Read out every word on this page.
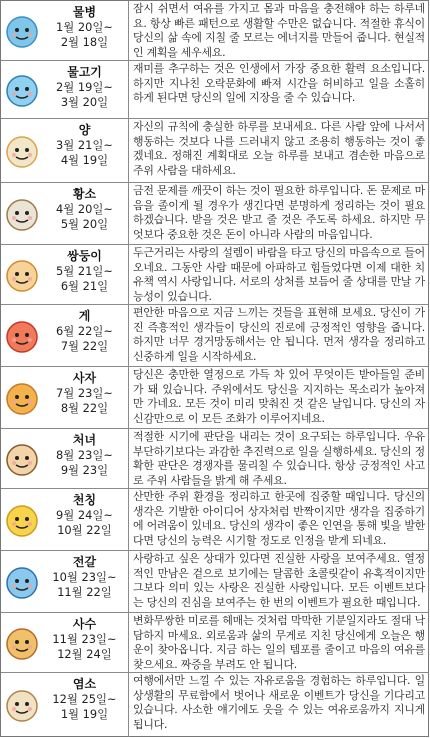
물병
1월 20일~
2월 18일
잠시 쉬면서 여유를 가지고 몸과 마음을 충전해야 하는 하루네요. 항상 빠른 패턴으로 생활할 수만은 없습니다. 적절한 휴식이 당신의 삶 속에 지칠 줄 모르는 에너지를 만들어 줍니다. 현실적인 계획을 세우세요.
물고기
2월 19일~
3월 20일
재미를 추구하는 것은 인생에서 가장 중요한 활력 요소입니다. 하지만 지나친 오락문화에 빠져 시간을 허비하고 일을 소홀히 하게 된다면 당신의 일에 지장을 줄 수 있습니다.
양
3월 21일~
4월 19일
자신의 규칙에 충실한 하루를 보내세요. 다른 사람 앞에 나서서 행동하는 것보다 나를 드러내지 않고 조용히 행동하는 것이 좋겠네요. 정해진 계획대로 오늘 하루를 보내고 겸손한 마음으로 주위 사람을 대하세요.
황소
4월 20일~
5월 20일
금전 문제를 깨끗이 하는 것이 필요한 하루입니다. 돈 문제로 마음을 졸이게 될 경우가 생긴다면 분명하게 정리하는 것이 필요하겠습니다. 받을 것은 받고 줄 것은 주도록 하세요. 하지만 무엇보다 중요한 것은 돈이 아니라 사람의 마음입니다.
쌍둥이
5월 21일~
6월 21일
두근거리는 사랑의 설렘이 바람을 타고 당신의 마음속으로 들어오네요. 그동안 사람 때문에 아파하고 힘들었다면 이제 대한 치유책 역시 사랑입니다. 서로의 상처를 보듬어 줄 상대를 만날 가능성이 있습니다.
게
6월 22일~
7월 22일
편안한 마음으로 지금 느끼는 것들을 표현해 보세요. 당신이 가진 즉흥적인 생각들이 당신의 진로에 긍정적인 영향을 줍니다. 하지만 너무 경거망동해서는 안 됩니다. 먼저 생각을 정리하고 신중하게 일을 시작하세요.
사자
7월 23일~
8월 22일
당신은 충만한 열정으로 가득 차 있어 무엇이든 받아들일 준비가 돼 있습니다. 주위에서도 당신을 지지하는 목소리가 높아져만 가네요. 모든 것이 미리 맞춰진 것 같은 날입니다. 당신의 자신감만으로 이 모든 조화가 이루어지네요.
처녀
8월 23일~
9월 23일
적절한 시기에 판단을 내리는 것이 요구되는 하루입니다. 우유부단하기보다는 과감한 추진력으로 일을 실행하세요. 당신의 정확한 판단은 경쟁자를 물리칠 수 있습니다. 항상 긍정적인 사고로 주위 사람들을 밝게 해 주세요.
천칭
9월 24일~
10월 22일
산만한 주위 환경을 정리하고 한곳에 집중할 때입니다. 당신의 생각은 기발한 아이디어 상자처럼 반짝이지만 생각을 집중하기에 어려움이 있네요. 당신의 생각이 좋은 인연을 통해 빛을 발한다면 당신의 능력은 시기할 정도로 인정을 받게 되네요.
전갈
10월 23일~
11월 22일
사랑하고 싶은 상대가 있다면 진실한 사랑을 보여주세요. 열정적인 만남은 겉으로 보기에는 달콤한 초콜릿같이 유혹적이지만 그보다 의미 있는 사랑은 진실한 사랑입니다. 모든 이벤트보다는 당신의 진심을 보여주는 한 번의 이벤트가 필요한 때입니다.
사수
11월 23일~
12월 24일
변화무쌍한 미로를 헤매는 것처럼 막막한 기분일지라도 절대 낙담하지 마세요. 외로움과 삶의 무게로 지친 당신에게 오늘은 행운이 찾아옵니다. 지금 하는 일의 템포를 줄이고 마음의 여유를 찾으세요. 짜증을 부려도 안 됩니다.
염소
12월 25일~
1월 19일
여행에서만 느낄 수 있는 자유로움을 경험하는 하루입니다. 일상생활의 무료함에서 벗어나 새로운 이벤트가 당신을 기다리고 있습니다. 사소한 얘기에도 웃을 수 있는 여유로움까지 지니게 됩니다.
